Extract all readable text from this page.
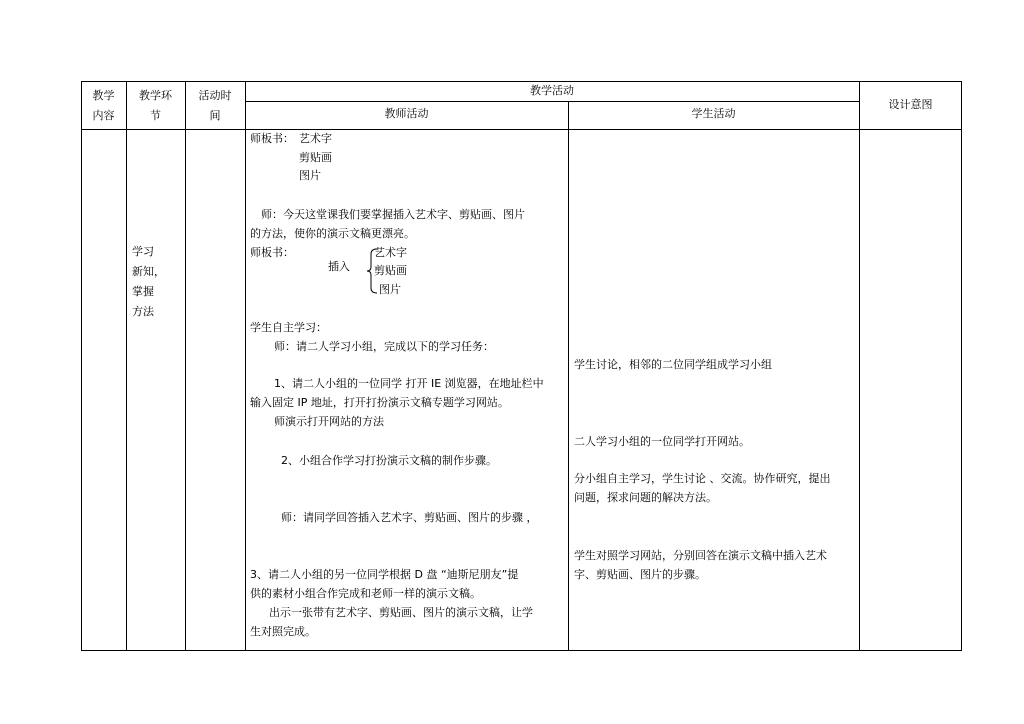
教学
内容
教学环
节
活动时
间
教学活动
教师活动	学生活动
设计意图
学习
新知，
掌握
方法
师板书： 艺术字
剪贴画
图片
师：今天这堂课我们要掌握插入艺术字、剪贴画、图片
的方法，使你的演示文稿更漂亮。
师板书：
插入
艺术字
剪贴画
图片
学生自主学习：
师：请二人学习小组，完成以下的学习任务：
1、请二人小组的一位同学 打开 IE 浏览器，在地址栏中
输入固定 IP 地址，打开打扮演示文稿专题学习网站。
师演示打开网站的方法
2、小组合作学习打扮演示文稿的制作步骤。
师：请同学回答插入艺术字、剪贴画、图片的步骤 ，
3、请二人小组的另一位同学根据 D 盘 “迪斯尼朋友”提
供的素材小组合作完成和老师一样的演示文稿。
出示一张带有艺术字、剪贴画、图片的演示文稿，让学
生对照完成。
学生讨论，相邻的二位同学组成学习小组
二人学习小组的一位同学打开网站。
分小组自主学习，学生讨论 、交流。协作研究，提出
问题，探求问题的解决方法。
学生对照学习网站，分别回答在演示文稿中插入艺术
字、剪贴画、图片的步骤。
